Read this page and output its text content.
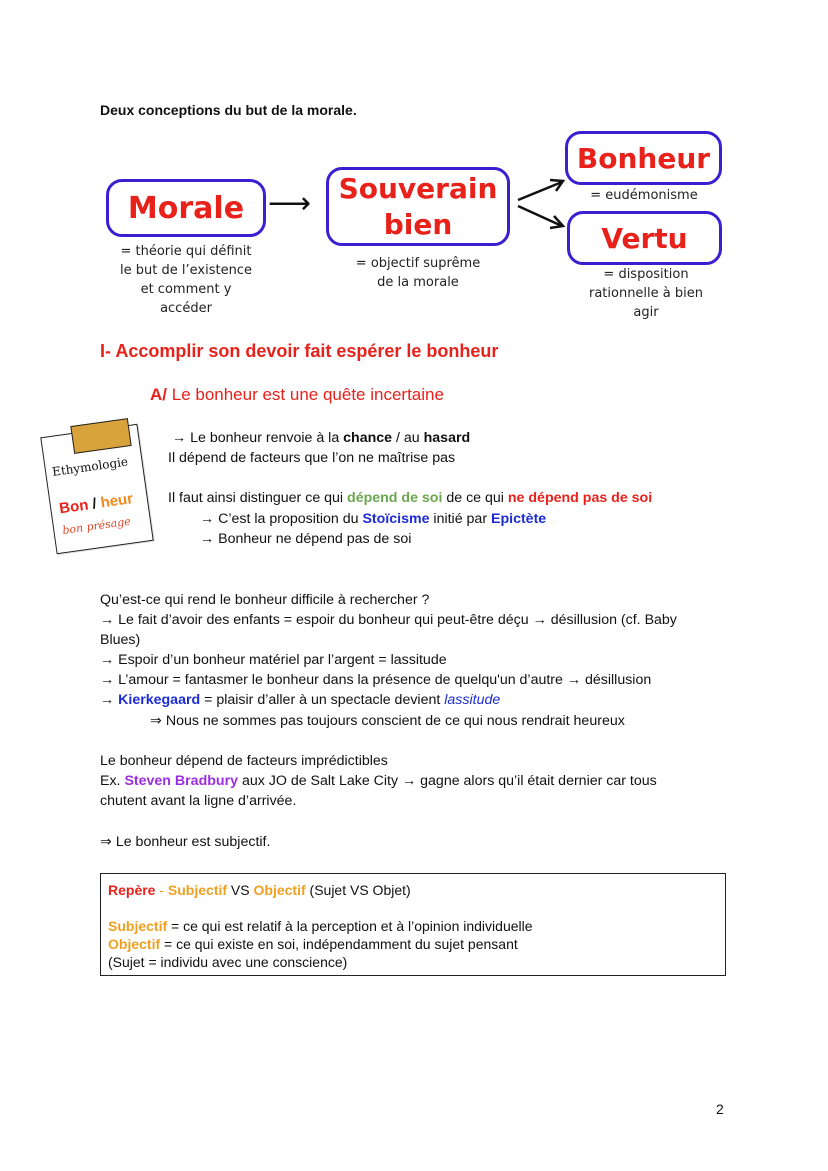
Deux conceptions du but de la morale.
Morale
= théorie qui définit
le but de l’existence
et comment y
accéder
⟶ Souverain
bien
= objectif suprême
de la morale
Bonheur
= eudémonisme
Vertu
= disposition
rationnelle à bien
agir
I- Accomplir son devoir fait espérer le bonheur
A/ Le bonheur est une quête incertaine
Ethymologie
Bon / heur
bon présage
→ Le bonheur renvoie à la chance / au hasard
Il dépend de facteurs que l’on ne maîtrise pas
Il faut ainsi distinguer ce qui dépend de soi de ce qui ne dépend pas de soi
→ C’est la proposition du Stoïcisme initié par Epictète
→ Bonheur ne dépend pas de soi
Qu’est-ce qui rend le bonheur difficile à rechercher ?
→ Le fait d’avoir des enfants = espoir du bonheur qui peut-être déçu → désillusion (cf. Baby
Blues)
→ Espoir d’un bonheur matériel par l’argent = lassitude
→ L’amour = fantasmer le bonheur dans la présence de quelqu'un d’autre → désillusion
→ Kierkegaard = plaisir d’aller à un spectacle devient lassitude
⇒ Nous ne sommes pas toujours conscient de ce qui nous rendrait heureux
Le bonheur dépend de facteurs imprédictibles
Ex. Steven Bradbury aux JO de Salt Lake City → gagne alors qu’il était dernier car tous
chutent avant la ligne d’arrivée.
⇒ Le bonheur est subjectif.
Repère - Subjectif VS Objectif (Sujet VS Objet)
Subjectif = ce qui est relatif à la perception et à l’opinion individuelle
Objectif = ce qui existe en soi, indépendamment du sujet pensant
(Sujet = individu avec une conscience)
2
